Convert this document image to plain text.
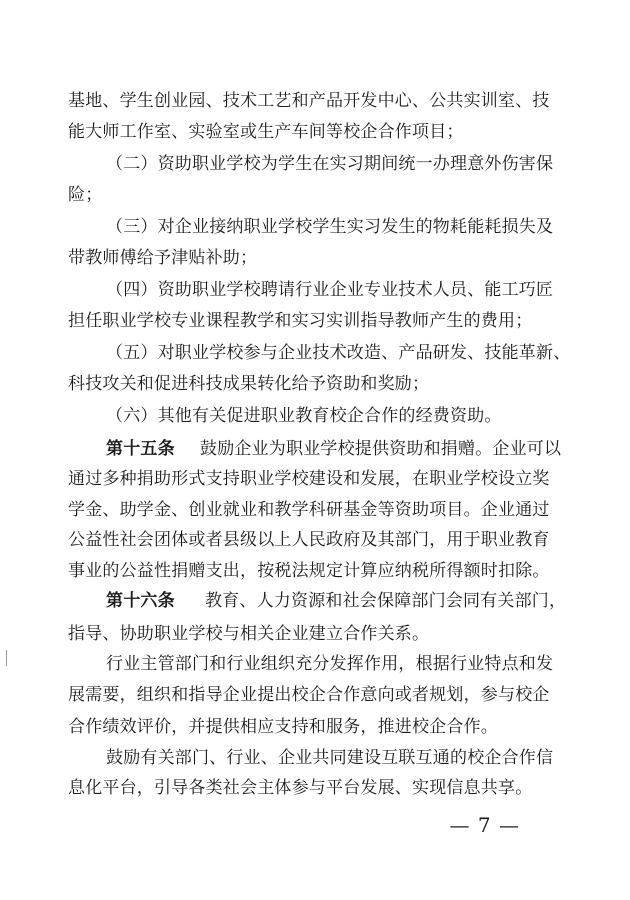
基地、学生创业园、技术工艺和产品开发中心、公共实训室、技
能大师工作室、实验室或生产车间等校企合作项目；
（二）资助职业学校为学生在实习期间统一办理意外伤害保
险；
（三）对企业接纳职业学校学生实习发生的物耗能耗损失及
带教师傅给予津贴补助；
（四）资助职业学校聘请行业企业专业技术人员、能工巧匠
担任职业学校专业课程教学和实习实训指导教师产生的费用；
（五）对职业学校参与企业技术改造、产品研发、技能革新、
科技攻关和促进科技成果转化给予资助和奖励；
（六）其他有关促进职业教育校企合作的经费资助。
第十五条 鼓励企业为职业学校提供资助和捐赠。企业可以
通过多种捐助形式支持职业学校建设和发展，在职业学校设立奖
学金、助学金、创业就业和教学科研基金等资助项目。企业通过
公益性社会团体或者县级以上人民政府及其部门，用于职业教育
事业的公益性捐赠支出，按税法规定计算应纳税所得额时扣除。
第十六条 教育、人力资源和社会保障部门会同有关部门，
指导、协助职业学校与相关企业建立合作关系。
行业主管部门和行业组织充分发挥作用，根据行业特点和发
展需要，组织和指导企业提出校企合作意向或者规划，参与校企
合作绩效评价，并提供相应支持和服务，推进校企合作。
鼓励有关部门、行业、企业共同建设互联互通的校企合作信
息化平台，引导各类社会主体参与平台发展、实现信息共享。
— 7 —
